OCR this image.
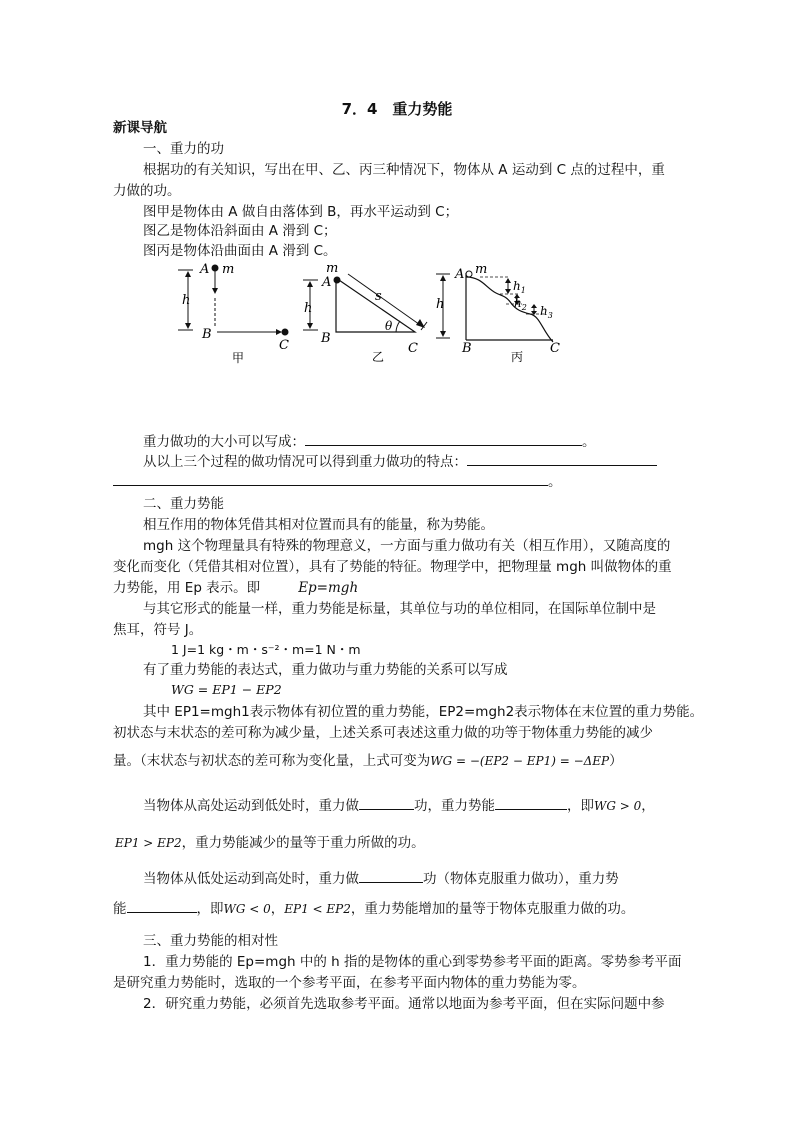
7．4　重力势能
新课导航
一、重力的功
根据功的有关知识，写出在甲、乙、丙三种情况下，物体从 A 运动到 C 点的过程中，重
力做的功。
图甲是物体由 A 做自由落体到 B，再水平运动到 C；
图乙是物体沿斜面由 A 滑到 C；
图丙是物体沿曲面由 A 滑到 C。
h
A m
B
C
甲
h
m
A
s
θ
B
C
乙
h
A m
$h_1$
$h_2$ $h_3$
B	C
丙
重力做功的大小可以写成：	。
从以上三个过程的做功情况可以得到重力做功的特点：
。
二、重力势能
相互作用的物体凭借其相对位置而具有的能量，称为势能。
mgh 这个物理量具有特殊的物理意义，一方面与重力做功有关（相互作用），又随高度的
变化而变化（凭借其相对位置），具有了势能的特征。物理学中，把物理量 mgh 叫做物体的重
力势能，用 Ep 表示。即	Ep=mgh
与其它形式的能量一样，重力势能是标量，其单位与功的单位相同，在国际单位制中是
焦耳，符号 J。
1 J=1 kg・m・s⁻²・m=1 N・m
有了重力势能的表达式，重力做功与重力势能的关系可以写成
WG = EP1 − EP2
其中 EP1=mgh1表示物体有初位置的重力势能，EP2=mgh2表示物体在末位置的重力势能。
初状态与末状态的差可称为减少量，上述关系可表述这重力做的功等于物体重力势能的减少
量。（末状态与初状态的差可称为变化量，上式可变为WG = −(EP2 − EP1) = −ΔEP）
当物体从高处运动到低处时，重力做	功，重力势能	，即WG > 0，
EP1 > EP2，重力势能减少的量等于重力所做的功。
当物体从低处运动到高处时，重力做	功（物体克服重力做功），重力势
能	，即WG < 0，EP1 < EP2，重力势能增加的量等于物体克服重力做的功。
三、重力势能的相对性
1．重力势能的 Ep=mgh 中的 h 指的是物体的重心到零势参考平面的距离。零势参考平面
是研究重力势能时，选取的一个参考平面，在参考平面内物体的重力势能为零。
2．研究重力势能，必须首先选取参考平面。通常以地面为参考平面，但在实际问题中参
